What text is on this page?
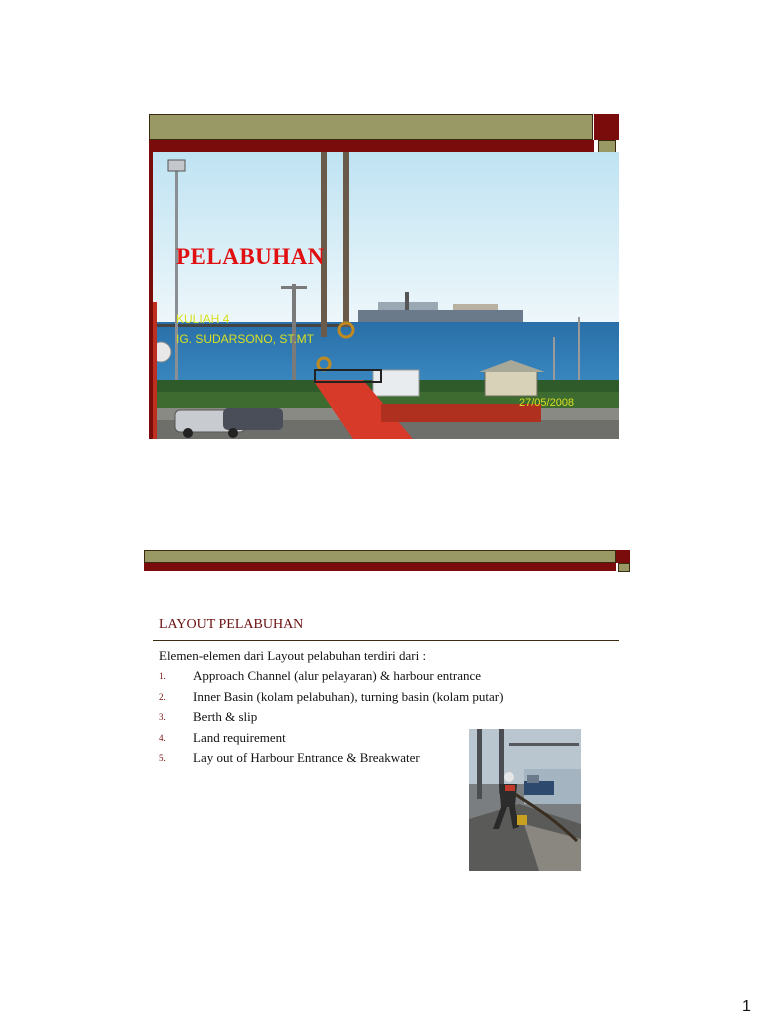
PELABUHAN
KULIAH 4
IG. SUDARSONO, ST.MT
27/05/2008
LAYOUT PELABUHAN
Elemen-elemen dari Layout pelabuhan terdiri dari :
1. Approach Channel (alur pelayaran) & harbour entrance
2. Inner Basin (kolam pelabuhan), turning basin (kolam putar)
3. Berth & slip
4. Land requirement
5. Lay out of Harbour Entrance & Breakwater
1
